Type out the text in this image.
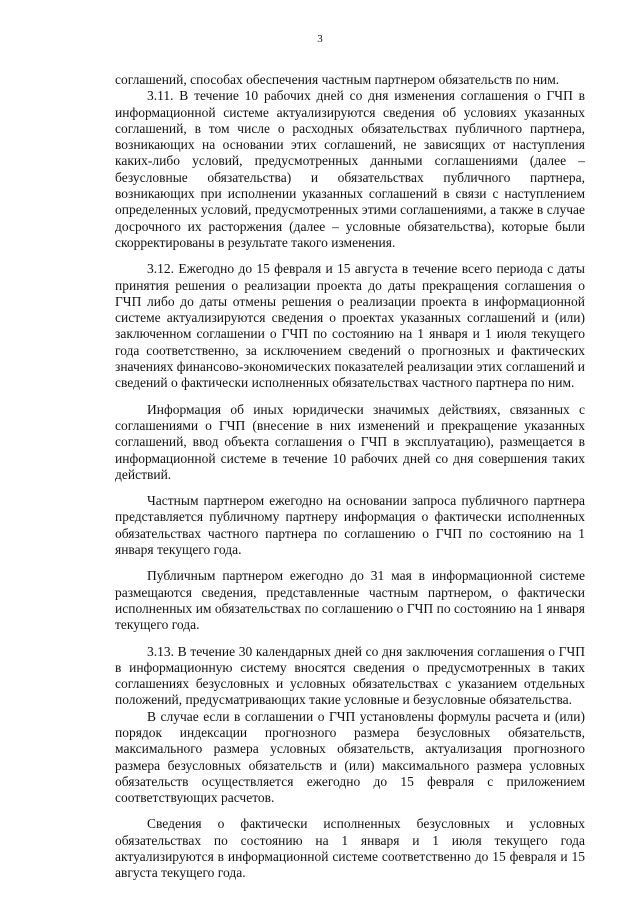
3

соглашений, способах обеспечения частным партнером обязательств по ним.

3.11. В течение 10 рабочих дней со дня изменения соглашения о ГЧП в информационной системе актуализируются сведения об условиях указанных соглашений, в том числе о расходных обязательствах публичного партнера, возникающих на основании этих соглашений, не зависящих от наступления каких-либо условий, предусмотренных данными соглашениями (далее – безусловные обязательства) и обязательствах публичного партнера, возникающих при исполнении указанных соглашений в связи с наступлением определенных условий, предусмотренных этими соглашениями, а также в случае досрочного их расторжения (далее – условные обязательства), которые были скорректированы в результате такого изменения.

3.12. Ежегодно до 15 февраля и 15 августа в течение всего периода с даты принятия решения о реализации проекта до даты прекращения соглашения о ГЧП либо до даты отмены решения о реализации проекта в информационной системе актуализируются сведения о проектах указанных соглашений и (или) заключенном соглашении о ГЧП по состоянию на 1 января и 1 июля текущего года соответственно, за исключением сведений о прогнозных и фактических значениях финансово-экономических показателей реализации этих соглашений и сведений о фактически исполненных обязательствах частного партнера по ним.

Информация об иных юридически значимых действиях, связанных с соглашениями о ГЧП (внесение в них изменений и прекращение указанных соглашений, ввод объекта соглашения о ГЧП в эксплуатацию), размещается в информационной системе в течение 10 рабочих дней со дня совершения таких действий.

Частным партнером ежегодно на основании запроса публичного партнера представляется публичному партнеру информация о фактически исполненных обязательствах частного партнера по соглашению о ГЧП по состоянию на 1 января текущего года.

Публичным партнером ежегодно до 31 мая в информационной системе размещаются сведения, представленные частным партнером, о фактически исполненных им обязательствах по соглашению о ГЧП по состоянию на 1 января текущего года.

3.13. В течение 30 календарных дней со дня заключения соглашения о ГЧП в информационную систему вносятся сведения о предусмотренных в таких соглашениях безусловных и условных обязательствах с указанием отдельных положений, предусматривающих такие условные и безусловные обязательства.

В случае если в соглашении о ГЧП установлены формулы расчета и (или) порядок индексации прогнозного размера безусловных обязательств, максимального размера условных обязательств, актуализация прогнозного размера безусловных обязательств и (или) максимального размера условных обязательств осуществляется ежегодно до 15 февраля с приложением соответствующих расчетов.

Сведения о фактически исполненных безусловных и условных обязательствах по состоянию на 1 января и 1 июля текущего года актуализируются в информационной системе соответственно до 15 февраля и 15 августа текущего года.
